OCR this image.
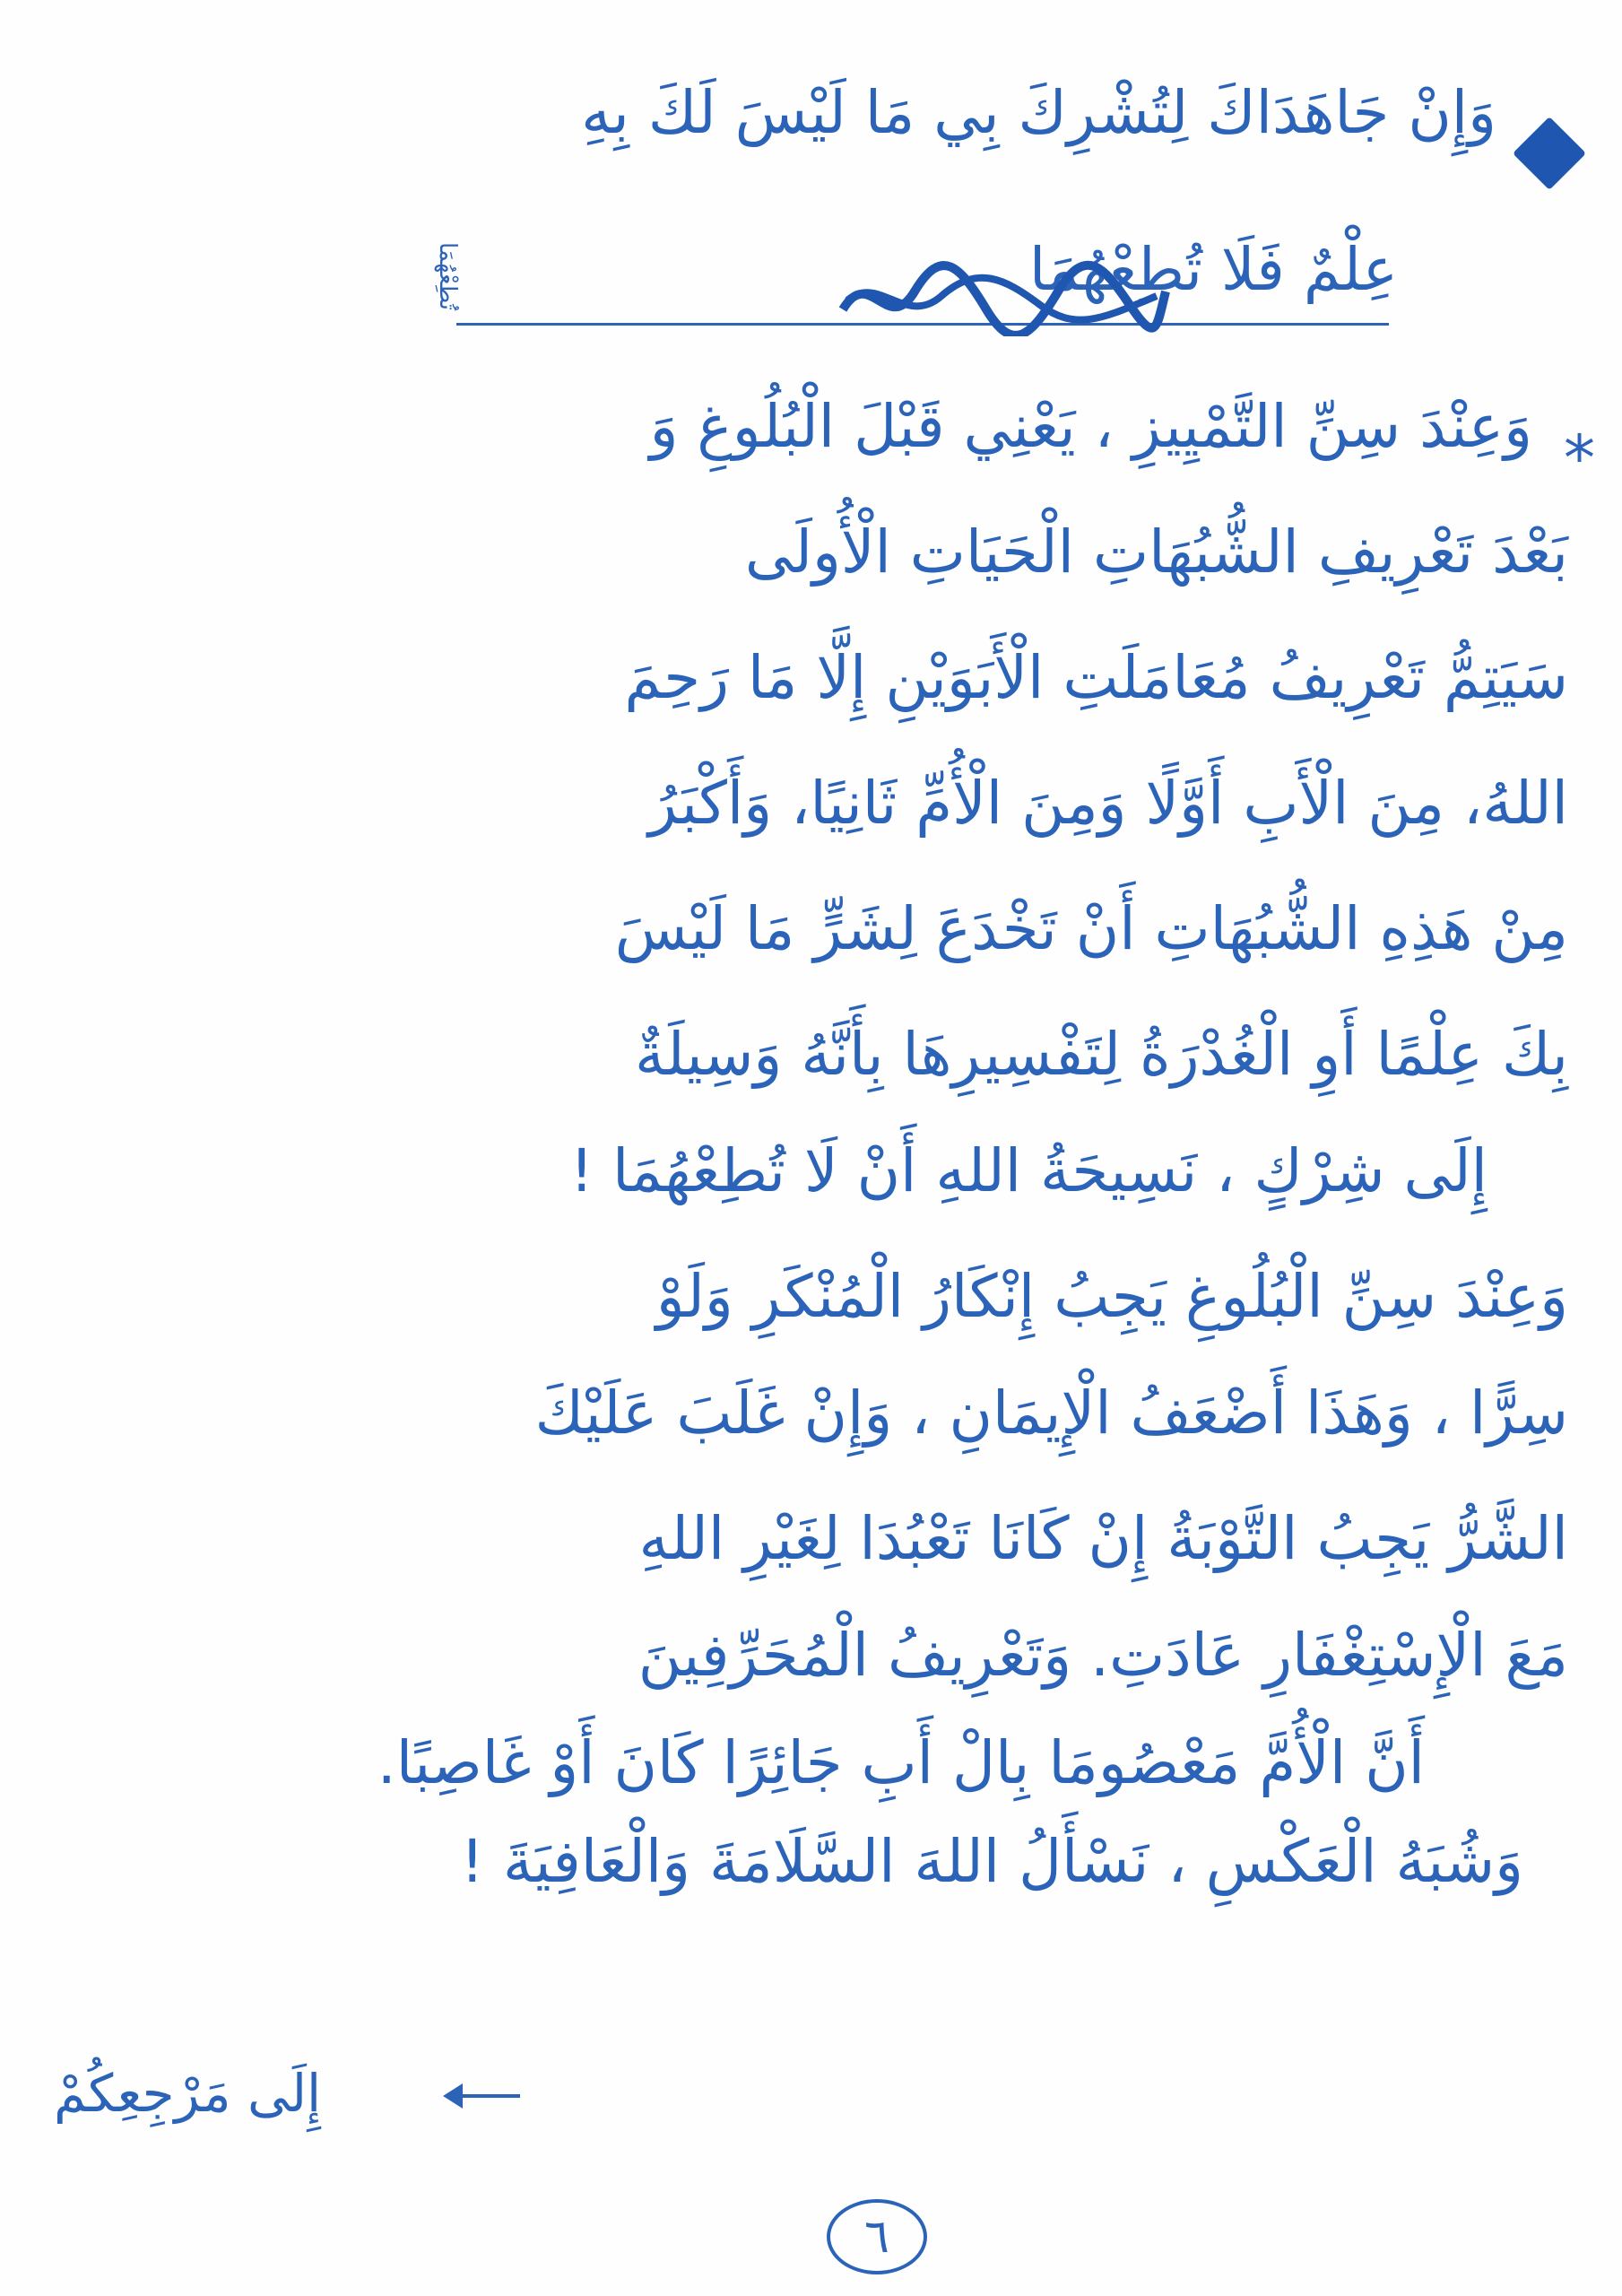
وَإِنْ جَاهَدَاكَ لِتُشْرِكَ بِي مَا لَيْسَ لَكَ بِهِ
عِلْمٌ فَلَا تُطِعْهُمَا
تُطِعْهُمَا
*
وَعِنْدَ سِنِّ التَّمْيِيزِ ، يَعْنِي قَبْلَ الْبُلُوغِ وَ
بَعْدَ تَعْرِيفِ الشُّبُهَاتِ الْحَيَاتِ الْأُولَى
سَيَتِمُّ تَعْرِيفُ مُعَامَلَتِ الْأَبَوَيْنِ إِلَّا مَا رَحِمَ
اللهُ، مِنَ الْأَبِ أَوَّلًا وَمِنَ الْأُمِّ ثَانِيًا، وَأَكْبَرُ
مِنْ هَذِهِ الشُّبُهَاتِ أَنْ تَخْدَعَ لِشَرٍّ مَا لَيْسَ
بِكَ عِلْمًا أَوِ الْغُدْرَةُ لِتَفْسِيرِهَا بِأَنَّهُ وَسِيلَةٌ
إِلَى شِرْكٍ ، نَسِيحَةُ اللهِ أَنْ لَا تُطِعْهُمَا !
وَعِنْدَ سِنِّ الْبُلُوغِ يَجِبُ إِنْكَارُ الْمُنْكَرِ وَلَوْ
سِرًّا ، وَهَذَا أَضْعَفُ الْإِيمَانِ ، وَإِنْ غَلَبَ عَلَيْكَ
الشَّرُّ يَجِبُ التَّوْبَةُ إِنْ كَانَا تَعْبُدَا لِغَيْرِ اللهِ
مَعَ الْإِسْتِغْفَارِ عَادَتِ. وَتَعْرِيفُ الْمُحَرِّفِينَ
أَنَّ الْأُمَّ مَعْصُومَا بِالْ أَبِ جَائِرًا كَانَ أَوْ غَاصِبًا.
وَشُبَهُ الْعَكْسِ ، نَسْأَلُ اللهَ السَّلَامَةَ وَالْعَافِيَةَ !
إِلَى مَرْجِعِكُمْ
٦
